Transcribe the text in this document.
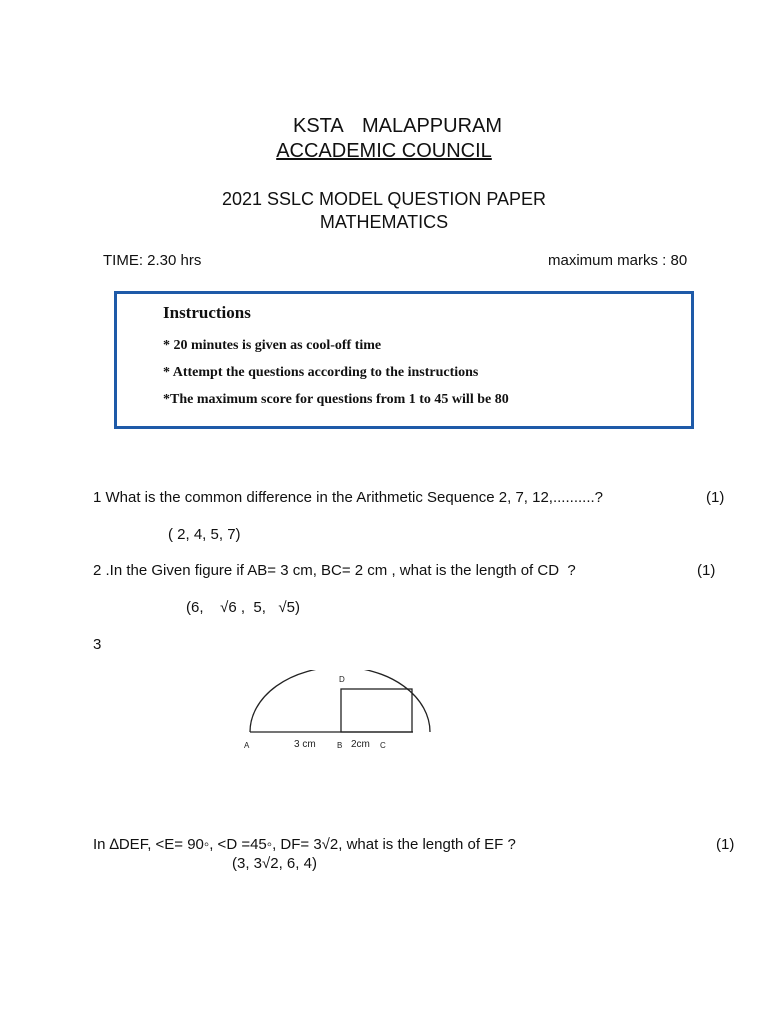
KSTA MALAPPURAM
ACCADEMIC COUNCIL
2021 SSLC MODEL QUESTION PAPER
MATHEMATICS
TIME: 2.30 hrs	maximum marks : 80
Instructions
* 20 minutes is given as cool-off time
* Attempt the questions according to the instructions
*The maximum score for questions from 1 to 45 will be 80
1 What is the common difference in the Arithmetic Sequence 2, 7, 12,..........?	(1)
( 2, 4, 5, 7)
2 .In the Given figure if AB= 3 cm, BC= 2 cm , what is the length of CD  ?	(1)
(6,    √6 ,  5,   √5)
3
A	B	C
D
3 cm	2cm
In ∆DEF, <E= 90◦, <D =45◦, DF= 3√2, what is the length of EF ?	(1)
(3, 3√2, 6, 4)
